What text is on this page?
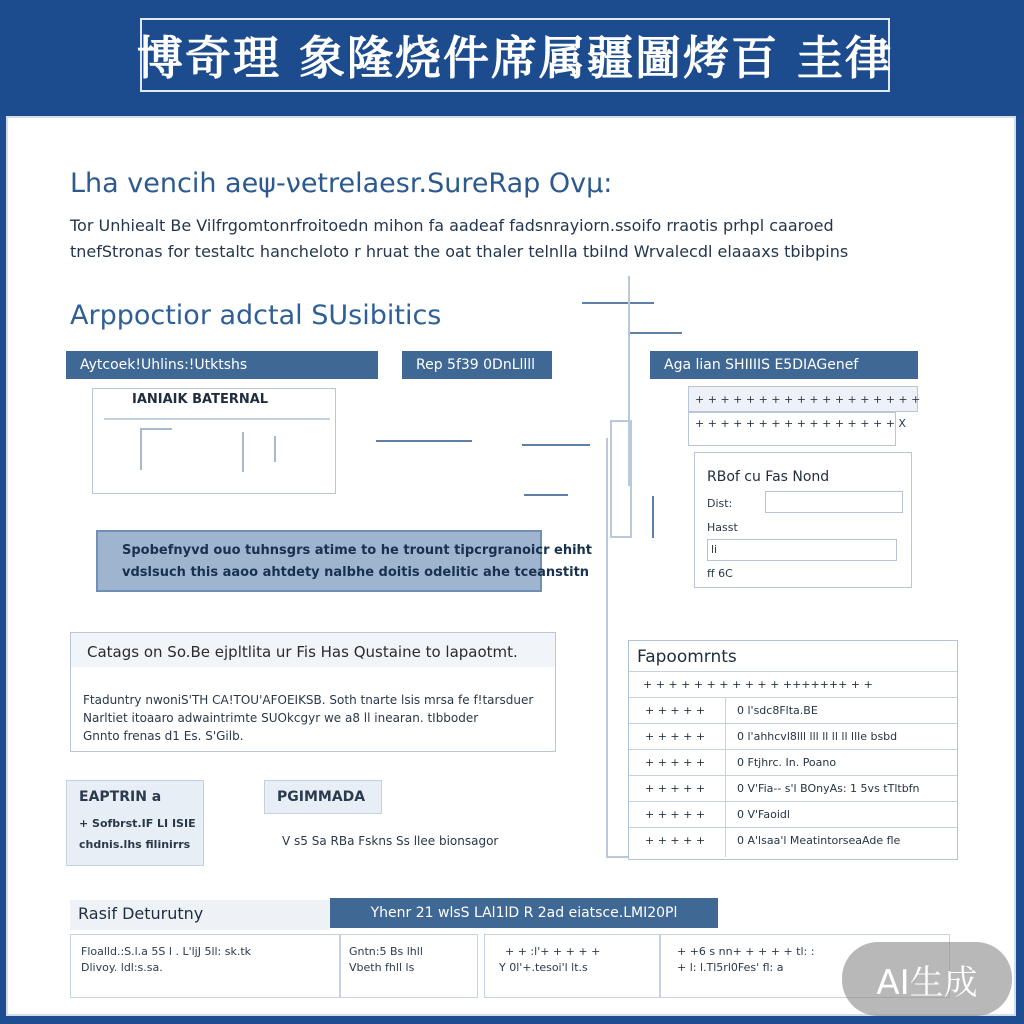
博奇理 象隆烧件席属疆圖烤百 圭律
Lha vencih aeψ-νetrelaesr.SureRap Ovµ:
Tor Unhiealt Be Vilfrgomtonrfroitoedn mihon fa aadeaf fadsnrayiorn.ssoifo rraotis prhpl caaroed
tnefStronas for testaltc hancheloto r hruat the oat thaler telnlla tbiInd Wrvalecdl elaaaxs tbibpins
Arppoctior adctal SUsibitics
Aytcoek!Uhlins:!Utktshs
IANIAIK BATERNAL
Rep 5f39 0DnLllll	Aga lian SHIIIIS E5DIAGenef
+ + + + + + + + + + + + + + + + + +
+ + + + + + + + + + + + + + + + X
RBof cu Fas Nond
Dist:
Hasst
li
ff 6C
Spobefnyvd ouo tuhnsgrs atime to he trount tipcrgranoicr ehiht
vdslsuch this aaoo ahtdety nalbhe doitis odelitic ahe tceanstitn
Catags on So.Be ejpltlita ur Fis Has Qustaine to lapaotmt.
Ftaduntry nwoniS'TH CA!TOU'AFOEIKSB. Soth tnarte lsis mrsa fe f!tarsduer
Narltiet itoaaro adwaintrimte SUOkcgyr we a8 ll inearan. tIbboder
Gnnto frenas d1 Es. S'Gilb.
EAPTRIN a
+ Sofbrst.IF LI ISIE
chdnis.lhs filinirrs
PGIMMADA
V s5 Sa RBa Fskns Ss llee bionsagor
Fapoomrnts
+ + + + + + + + + + + +++++++ + +
+ + + + +	0 l'sdc8Flta.BE
+ + + + +	0 l'ahhcvl8lll lll ll ll ll llle bsbd
+ + + + +	0 Ftjhrc. In. Poano
+ + + + +	0 V'Fia-- s'l BOnyAs: 1 5vs tTltbfn
+ + + + +	0 V'Faoidl
+ + + + +	0 A'lsaa'l MeatintorseaAde fle
Rasif Deturutny	Yhenr 21 wlsS LAl1lD R 2ad eiatsce.LMI20Pl
Floalld.:S.l.a 5S l . L'ljJ 5ll: sk.tk
Dlivoy. ldl:s.sa.
Gntn:5 Bs lhll
Vbeth fhll ls
+ + :l'+ + + + +
Y 0l'+.tesoi'l lt.s
+ +6 s nn+ + + + + tl: :
+ l: l.Tl5rl0Fes' fl: a	AI生成
